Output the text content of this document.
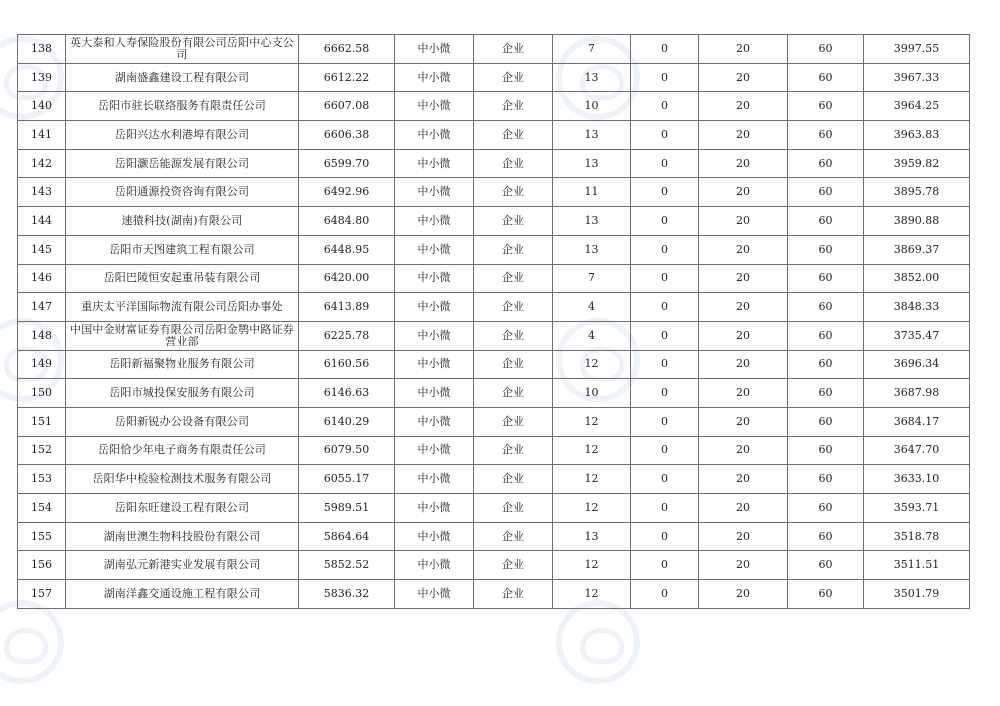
138	英大泰和人寿保险股份有限公司岳阳中心支公司	6662.58	中小微	企业	7	0	20	60	3997.55
139	湖南盛鑫建设工程有限公司	6612.22	中小微	企业	13	0	20	60	3967.33
140	岳阳市驻长联络服务有限责任公司	6607.08	中小微	企业	10	0	20	60	3964.25
141	岳阳兴达水利港埠有限公司	6606.38	中小微	企业	13	0	20	60	3963.83
142	岳阳灏岳能源发展有限公司	6599.70	中小微	企业	13	0	20	60	3959.82
143	岳阳通源投资咨询有限公司	6492.96	中小微	企业	11	0	20	60	3895.78
144	速猿科技(湖南)有限公司	6484.80	中小微	企业	13	0	20	60	3890.88
145	岳阳市天图建筑工程有限公司	6448.95	中小微	企业	13	0	20	60	3869.37
146	岳阳巴陵恒安起重吊装有限公司	6420.00	中小微	企业	7	0	20	60	3852.00
147	重庆太平洋国际物流有限公司岳阳办事处	6413.89	中小微	企业	4	0	20	60	3848.33
148	中国中金财富证券有限公司岳阳金鹗中路证券营业部	6225.78	中小微	企业	4	0	20	60	3735.47
149	岳阳新福聚物业服务有限公司	6160.56	中小微	企业	12	0	20	60	3696.34
150	岳阳市城投保安服务有限公司	6146.63	中小微	企业	10	0	20	60	3687.98
151	岳阳新锐办公设备有限公司	6140.29	中小微	企业	12	0	20	60	3684.17
152	岳阳恰少年电子商务有限责任公司	6079.50	中小微	企业	12	0	20	60	3647.70
153	岳阳华中检验检测技术服务有限公司	6055.17	中小微	企业	12	0	20	60	3633.10
154	岳阳东旺建设工程有限公司	5989.51	中小微	企业	12	0	20	60	3593.71
155	湖南世澳生物科技股份有限公司	5864.64	中小微	企业	13	0	20	60	3518.78
156	湖南弘元新港实业发展有限公司	5852.52	中小微	企业	12	0	20	60	3511.51
157	湖南洋鑫交通设施工程有限公司	5836.32	中小微	企业	12	0	20	60	3501.79
